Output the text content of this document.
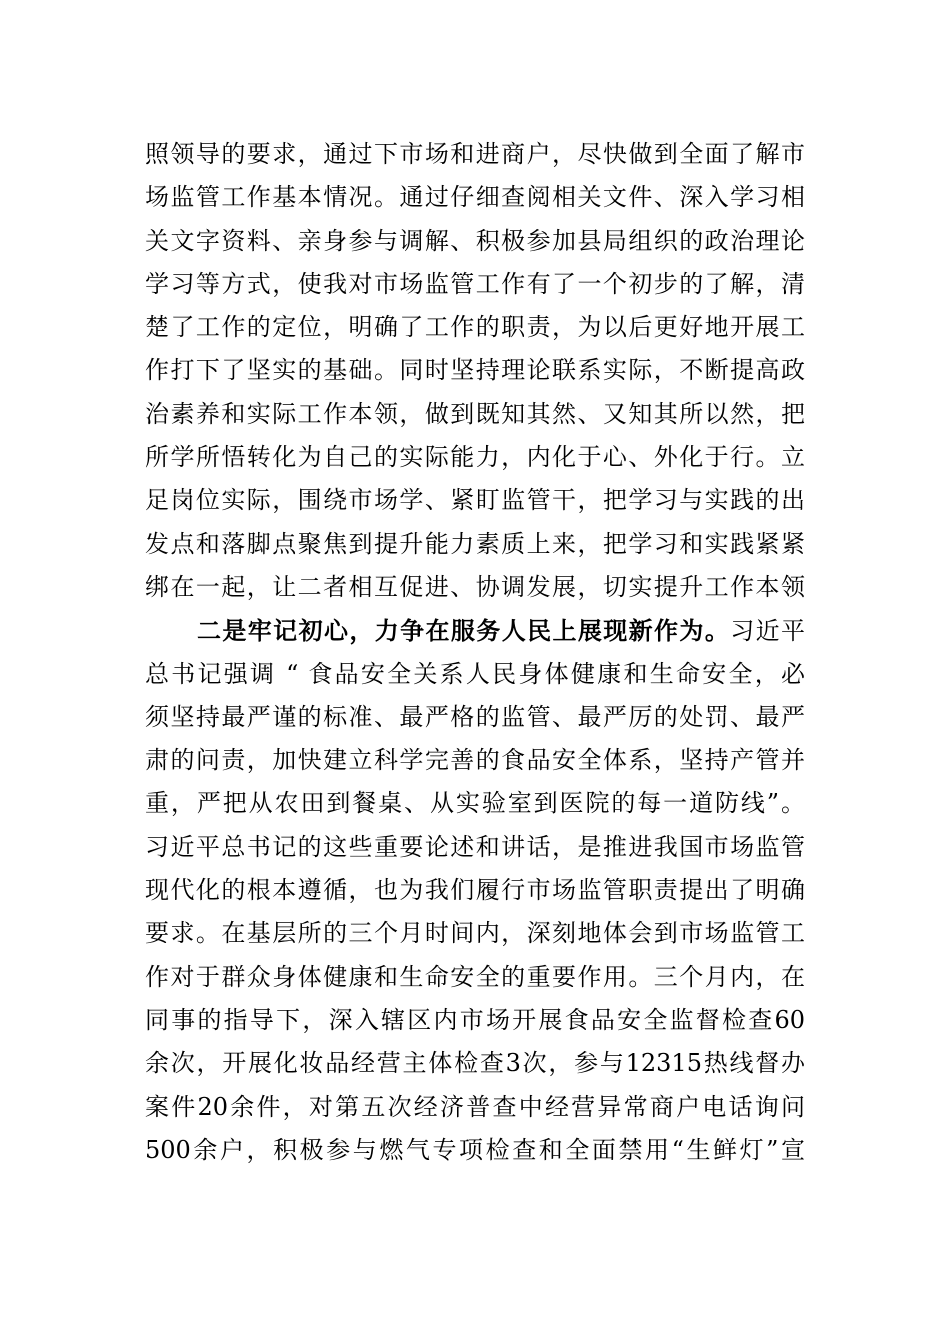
照领导的要求，通过下市场和进商户，尽快做到全面了解市
场监管工作基本情况。通过仔细查阅相关文件、深入学习相
关文字资料、亲身参与调解、积极参加县局组织的政治理论
学习等方式，使我对市场监管工作有了一个初步的了解，清
楚了工作的定位，明确了工作的职责，为以后更好地开展工
作打下了坚实的基础。同时坚持理论联系实际，不断提高政
治素养和实际工作本领，做到既知其然、又知其所以然，把
所学所悟转化为自己的实际能力，内化于心、外化于行。立
足岗位实际，围绕市场学、紧盯监管干，把学习与实践的出
发点和落脚点聚焦到提升能力素质上来，把学习和实践紧紧
绑在一起，让二者相互促进、协调发展，切实提升工作本领
二是牢记初心，力争在服务人民上展现新作为。习近平
总书记强调 “ 食品安全关系人民身体健康和生命安全，必
须坚持最严谨的标准、最严格的监管、最严厉的处罚、最严
肃的问责，加快建立科学完善的食品安全体系，坚持产管并
重，严把从农田到餐桌、从实验室到医院的每一道防线”。
习近平总书记的这些重要论述和讲话，是推进我国市场监管
现代化的根本遵循，也为我们履行市场监管职责提出了明确
要求。在基层所的三个月时间内，深刻地体会到市场监管工
作对于群众身体健康和生命安全的重要作用。三个月内，在
同事的指导下，深入辖区内市场开展食品安全监督检查60
余次，开展化妆品经营主体检查3次，参与12315热线督办
案件20余件，对第五次经济普查中经营异常商户电话询问
500余户，积极参与燃气专项检查和全面禁用“生鲜灯”宣
